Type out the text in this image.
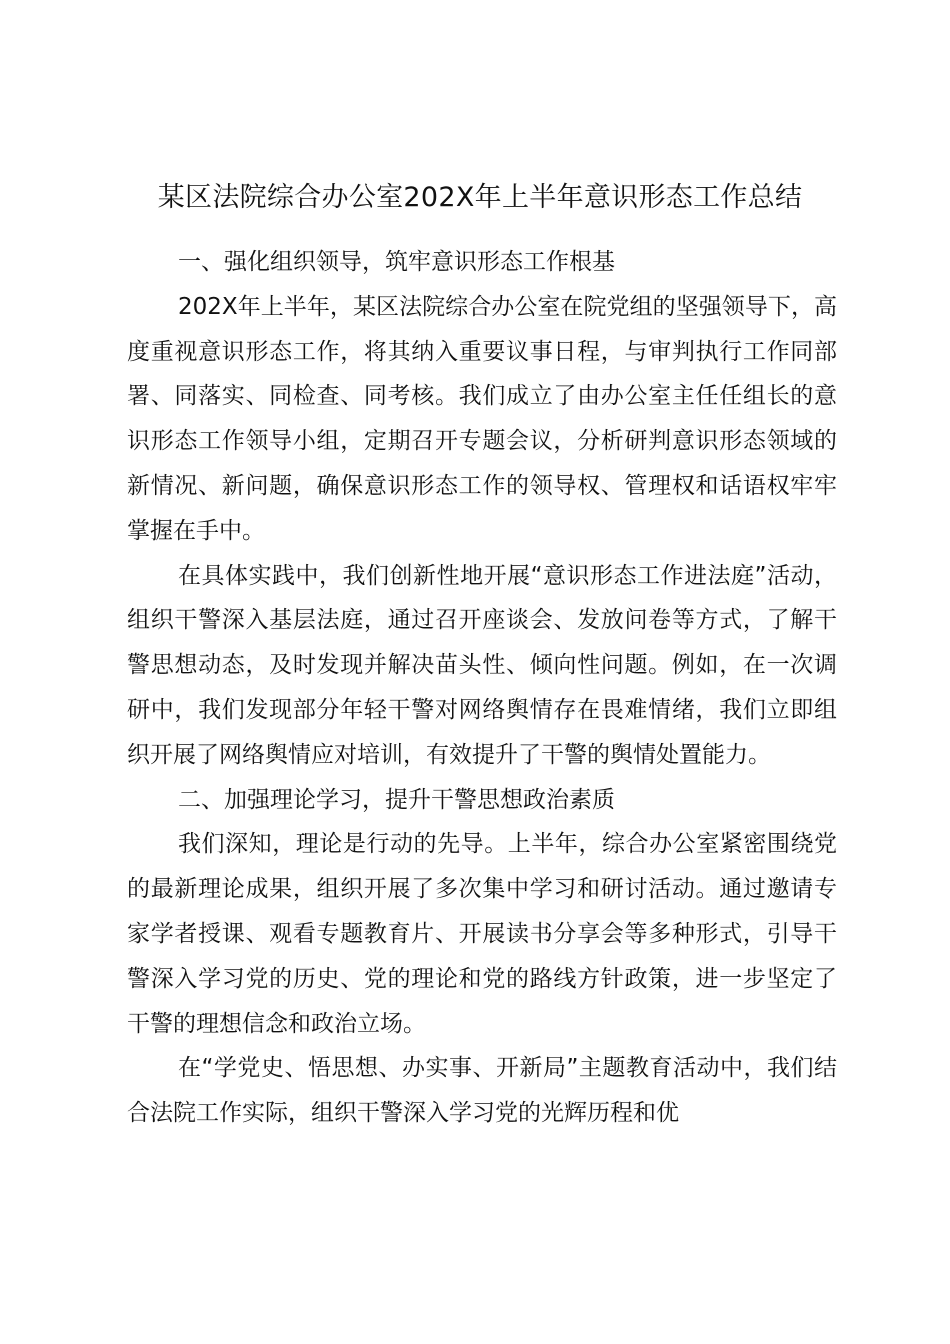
某区法院综合办公室202X年上半年意识形态工作总结

一、强化组织领导，筑牢意识形态工作根基

202X年上半年，某区法院综合办公室在院党组的坚强领导下，高度重视意识形态工作，将其纳入重要议事日程，与审判执行工作同部署、同落实、同检查、同考核。我们成立了由办公室主任任组长的意识形态工作领导小组，定期召开专题会议，分析研判意识形态领域的新情况、新问题，确保意识形态工作的领导权、管理权和话语权牢牢掌握在手中。

在具体实践中，我们创新性地开展“意识形态工作进法庭”活动，组织干警深入基层法庭，通过召开座谈会、发放问卷等方式，了解干警思想动态，及时发现并解决苗头性、倾向性问题。例如，在一次调研中，我们发现部分年轻干警对网络舆情存在畏难情绪，我们立即组织开展了网络舆情应对培训，有效提升了干警的舆情处置能力。

二、加强理论学习，提升干警思想政治素质

我们深知，理论是行动的先导。上半年，综合办公室紧密围绕党的最新理论成果，组织开展了多次集中学习和研讨活动。通过邀请专家学者授课、观看专题教育片、开展读书分享会等多种形式，引导干警深入学习党的历史、党的理论和党的路线方针政策，进一步坚定了干警的理想信念和政治立场。

在“学党史、悟思想、办实事、开新局”主题教育活动中，我们结合法院工作实际，组织干警深入学习党的光辉历程和优
